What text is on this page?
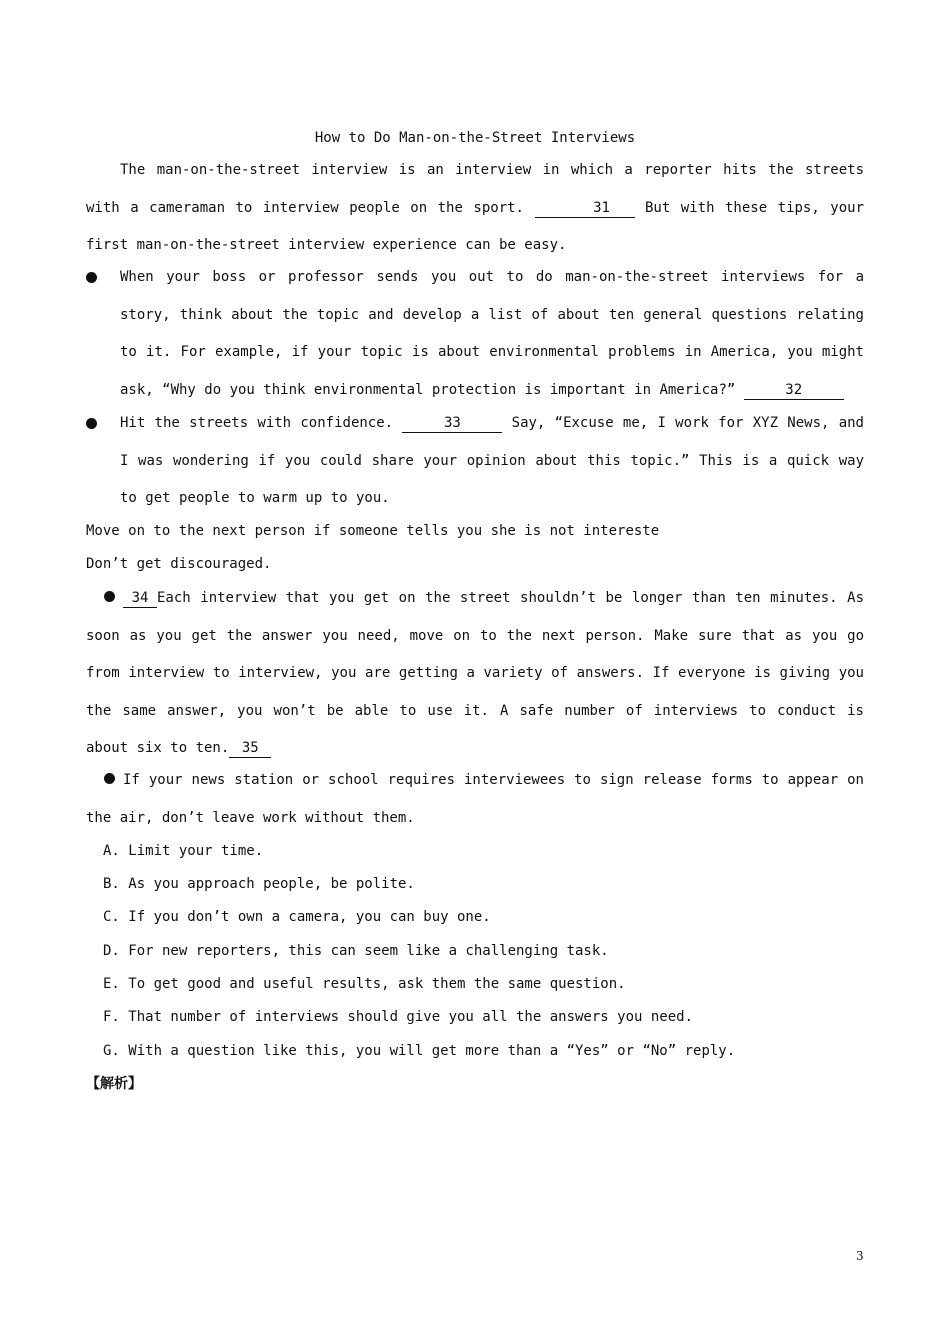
How to Do Man-on-the-Street Interviews

The man-on-the-street interview is an interview in which a reporter hits the streets with a cameraman to interview people on the sport.	31 But with these tips, your first man-on-the-street interview experience can be easy.

When your boss or professor sends you out to do man-on-the-street interviews for a story, think about the topic and develop a list of about ten general questions relating to it. For example, if your topic is about environmental problems in America, you might ask, “Why do you think environmental protection is important in America?”	32
Hit the streets with confidence.	33	Say, “Excuse me, I work for XYZ News, and I was wondering if you could share your opinion about this topic.” This is a quick way to get people to warm up to you.
Move on to the next person if someone tells you she is not intereste
Don’t get discouraged.

34 Each interview that you get on the street shouldn’t be longer than ten minutes. As soon as you get the answer you need, move on to the next person. Make sure that as you go from interview to interview, you are getting a variety of answers. If everyone is giving you the same answer, you won’t be able to use it. A safe number of interviews to conduct is about six to ten. 35

If your news station or school requires interviewees to sign release forms to appear on the air, don’t leave work without them.

A. Limit your time.
B. As you approach people, be polite.
C. If you don’t own a camera, you can buy one.
D. For new reporters, this can seem like a challenging task.
E. To get good and useful results, ask them the same question.
F. That number of interviews should give you all the answers you need.
G. With a question like this, you will get more than a “Yes” or “No” reply.
【解析】
3
